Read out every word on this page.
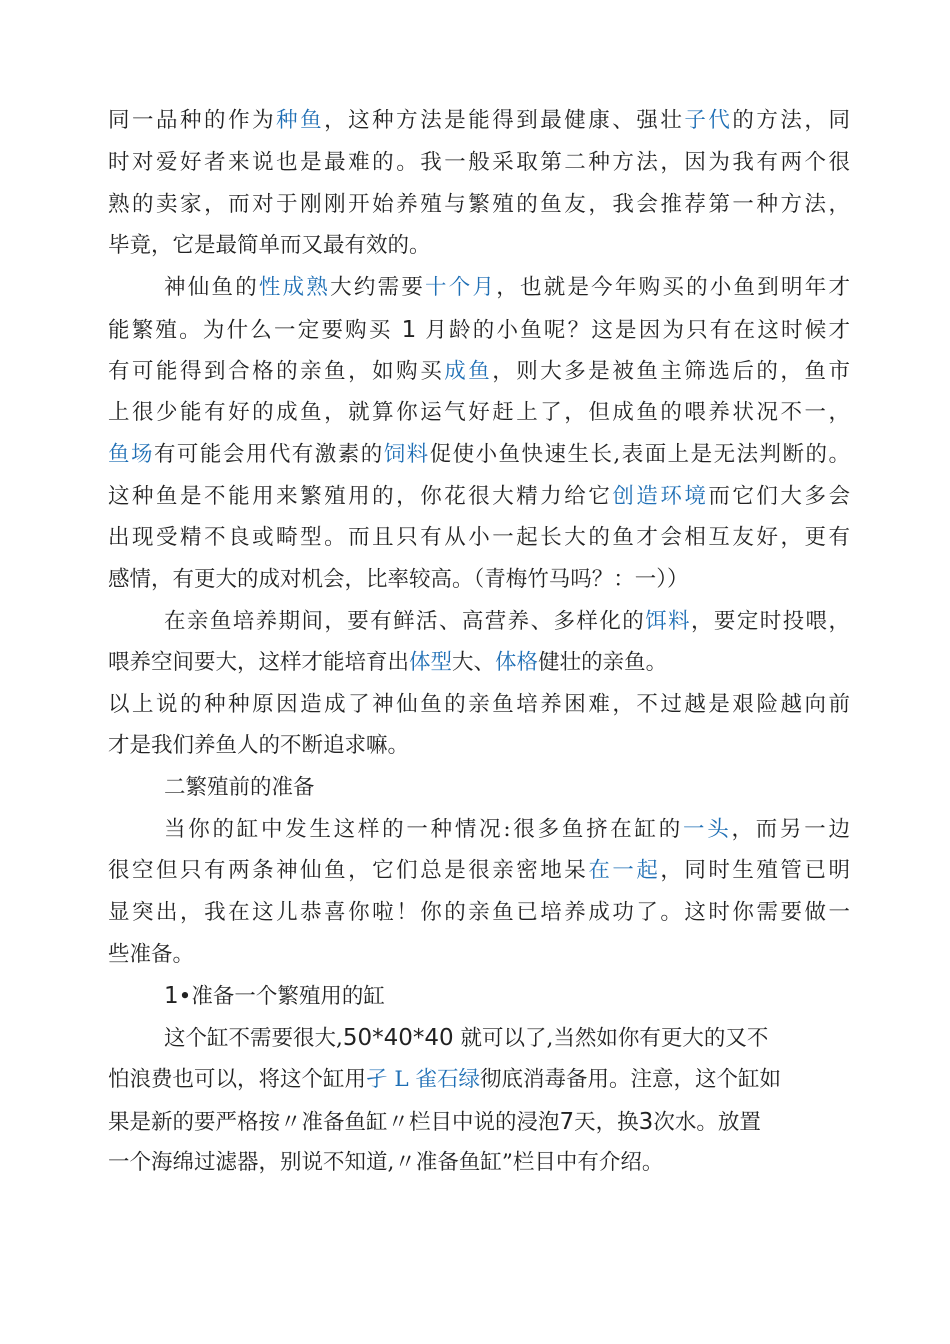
同一品种的作为种鱼，这种方法是能得到最健康、强壮子代的方法，同
时对爱好者来说也是最难的。我一般采取第二种方法，因为我有两个很
熟的卖家，而对于刚刚开始养殖与繁殖的鱼友，我会推荐第一种方法，
毕竟，它是最简单而又最有效的。
神仙鱼的性成熟大约需要十个月，也就是今年购买的小鱼到明年才
能繁殖。为什么一定要购买 1 月龄的小鱼呢？这是因为只有在这时候才
有可能得到合格的亲鱼，如购买成鱼，则大多是被鱼主筛选后的，鱼市
上很少能有好的成鱼，就算你运气好赶上了，但成鱼的喂养状况不一，
鱼场有可能会用代有激素的饲料促使小鱼快速生长,表面上是无法判断的。
这种鱼是不能用来繁殖用的，你花很大精力给它创造环境而它们大多会
出现受精不良或畸型。而且只有从小一起长大的鱼才会相互友好，更有
感情，有更大的成对机会，比率较高。（青梅竹马吗？：一））
在亲鱼培养期间，要有鲜活、高营养、多样化的饵料，要定时投喂，
喂养空间要大，这样才能培育出体型大、体格健壮的亲鱼。
以上说的种种原因造成了神仙鱼的亲鱼培养困难，不过越是艰险越向前
才是我们养鱼人的不断追求嘛。
二繁殖前的准备
当你的缸中发生这样的一种情况:很多鱼挤在缸的一头，而另一边
很空但只有两条神仙鱼，它们总是很亲密地呆在一起，同时生殖管已明
显突出，我在这儿恭喜你啦！你的亲鱼已培养成功了。这时你需要做一
些准备。
1•准备一个繁殖用的缸
这个缸不需要很大,50*40*40 就可以了,当然如你有更大的又不
怕浪费也可以，将这个缸用孑 L 雀石绿彻底消毒备用。注意，这个缸如
果是新的要严格按〃准备鱼缸〃栏目中说的浸泡7天，换3次水。放置
一个海绵过滤器，别说不知道,〃准备鱼缸”栏目中有介绍。
